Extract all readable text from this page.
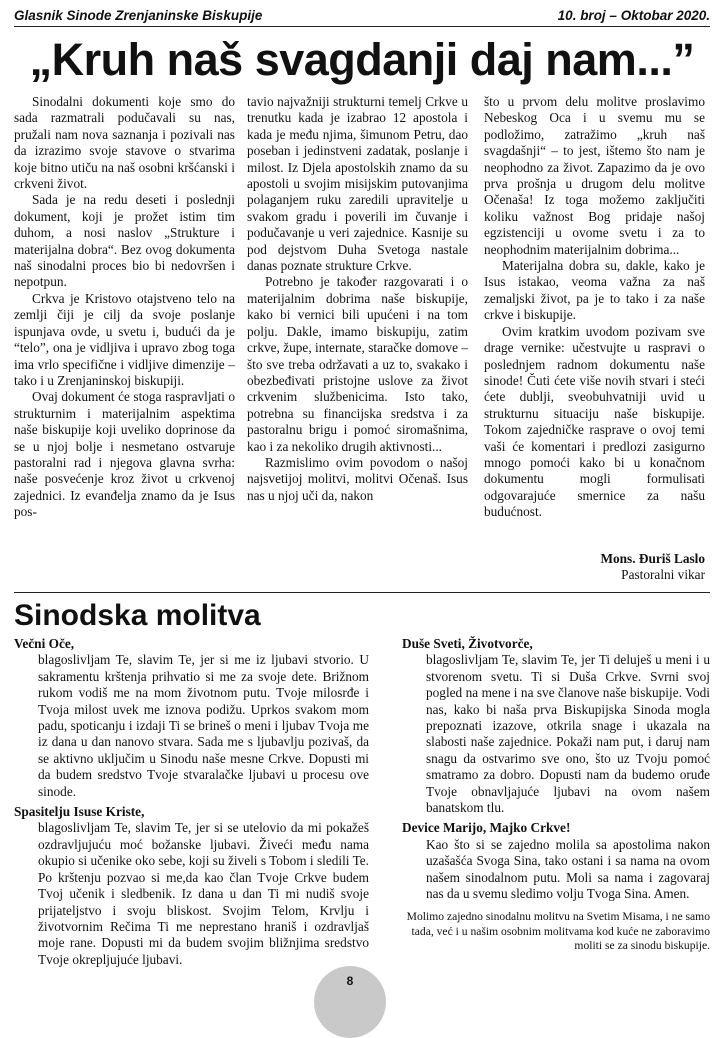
Glasnik Sinode Zrenjaninske Biskupije	10. broj – Oktobar 2020.
„Kruh naš svagdanji daj nam...”

Sinodalni dokumenti koje smo do sada razmatrali podučavali su nas, pružali nam nova saznanja i pozivali nas da izrazimo svoje stavove o stvarima koje bitno utiču na naš osobni kršćanski i crkveni život.

Sada je na redu deseti i poslednji dokument, koji je prožet istim tim duhom, a nosi naslov „Strukture i materijalna dobra“. Bez ovog dokumenta naš sinodalni proces bio bi nedovršen i nepotpun.

Crkva je Kristovo otajstveno telo na zemlji čiji je cilj da svoje poslanje ispunjava ovde, u svetu i, budući da je “telo”, ona je vidljiva i upravo zbog toga ima vrlo specifične i vidljive dimenzije – tako i u Zrenjaninskoj biskupiji.

Ovaj dokument će stoga raspravljati o strukturnim i materijalnim aspektima naše biskupije koji uveliko doprinose da se u njoj bolje i nesmetano ostvaruje pastoralni rad i njegova glavna svrha: naše posvećenje kroz život u crkvenoj zajednici. Iz evanđelja znamo da je Isus pos-

tavio najvažniji strukturni temelj Crkve u trenutku kada je izabrao 12 apostola i kada je među njima, šimunom Petru, dao poseban i jedinstveni zadatak, poslanje i milost. Iz Djela apostolskih znamo da su apostoli u svojim misijskim putovanjima polaganjem ruku zaredili upravitelje u svakom gradu i poverili im čuvanje i podučavanje u veri zajednice. Kasnije su pod dejstvom Duha Svetoga nastale danas poznate strukture Crkve.

Potrebno je također razgovarati i o materijalnim dobrima naše biskupije, kako bi vernici bili upućeni i na tom polju. Dakle, imamo biskupiju, zatim crkve, župe, internate, staračke domove – što sve treba održavati a uz to, svakako i obezbeđivati pristojne uslove za život crkvenim službenicima. Isto tako, potrebna su financijska sredstva i za pastoralnu brigu i pomoć siromašnima, kao i za nekoliko drugih aktivnosti...

Razmislimo ovim povodom o našoj najsvetijoj molitvi, molitvi Očenaš. Isus nas u njoj uči da, nakon

što u prvom delu molitve proslavimo Nebeskog Oca i u svemu mu se podložimo, zatražimo „kruh naš svagdašnji“ – to jest, ištemo što nam je neophodno za život. Zapazimo da je ovo prva prošnja u drugom delu molitve Očenaša! Iz toga možemo zaključiti koliku važnost Bog pridaje našoj egzistenciji u ovome svetu i za to neophodnim materijalnim dobrima...

Materijalna dobra su, dakle, kako je Isus istakao, veoma važna za naš zemaljski život, pa je to tako i za naše crkve i biskupije.

Ovim kratkim uvodom pozivam sve drage vernike: učestvujte u raspravi o poslednjem radnom dokumentu naše sinode! Čuti ćete više novih stvari i steći ćete dublji, sveobuhvatniji uvid u strukturnu situaciju naše biskupije. Tokom zajedničke rasprave o ovoj temi vaši će komentari i predlozi zasigurno mnogo pomoći kako bi u konačnom dokumentu mogli formulisati odgovarajuće smernice za našu budućnost.

Mons. Đuriš Laslo
Pastoralni vikar
Sinodska molitva

Večni Oče,

blagoslivljam Te, slavim Te, jer si me iz ljubavi stvorio. U sakramentu krštenja prihvatio si me za svoje dete. Brižnom rukom vodiš me na mom životnom putu. Tvoje milosrđe i Tvoja milost uvek me iznova podižu. Uprkos svakom mom padu, spoticanju i izdaji Ti se brineš o meni i ljubav Tvoja me iz dana u dan nanovo stvara. Sada me s ljubavlju pozivaš, da se aktivno uključim u Sinodu naše mesne Crkve. Dopusti mi da budem sredstvo Tvoje stvaralačke ljubavi u procesu ove sinode.

Spasitelju Isuse Kriste,

blagoslivljam Te, slavim Te, jer si se utelovio da mi pokažeš ozdravljujuću moć božanske ljubavi. Živeći među nama okupio si učenike oko sebe, koji su živeli s Tobom i sledili Te. Po krštenju pozvao si me,da kao član Tvoje Crkve budem Tvoj učenik i sledbenik. Iz dana u dan Ti mi nudiš svoje prijateljstvo i svoju bliskost. Svojim Telom, Krvlju i životvornim Rečima Ti me neprestano hraniš i ozdravljaš moje rane. Dopusti mi da budem svojim bližnjima sredstvo Tvoje okrepljujuće ljubavi.

Duše Sveti, Životvorče,

blagoslivljam Te, slavim Te, jer Ti deluješ u meni i u stvorenom svetu. Ti si Duša Crkve. Svrni svoj pogled na mene i na sve članove naše biskupije. Vodi nas, kako bi naša prva Biskupijska Sinoda mogla prepoznati izazove, otkrila snage i ukazala na slabosti naše zajednice. Pokaži nam put, i daruj nam snagu da ostvarimo sve ono, što uz Tvoju pomoć smatramo za dobro. Dopusti nam da budemo oruđe Tvoje obnavljajuće ljubavi na ovom našem banatskom tlu.

Device Marijo, Majko Crkve!

Kao što si se zajedno molila sa apostolima nakon uzašašća Svoga Sina, tako ostani i sa nama na ovom našem sinodalnom putu. Moli sa nama i zagovaraj nas da u svemu sledimo volju Tvoga Sina. Amen.

Molimo zajedno sinodalnu molitvu na Svetim Misama, i ne samo tada, već i u našim osobnim molitvama kod kuće ne zaboravimo moliti se za sinodu biskupije.
8
